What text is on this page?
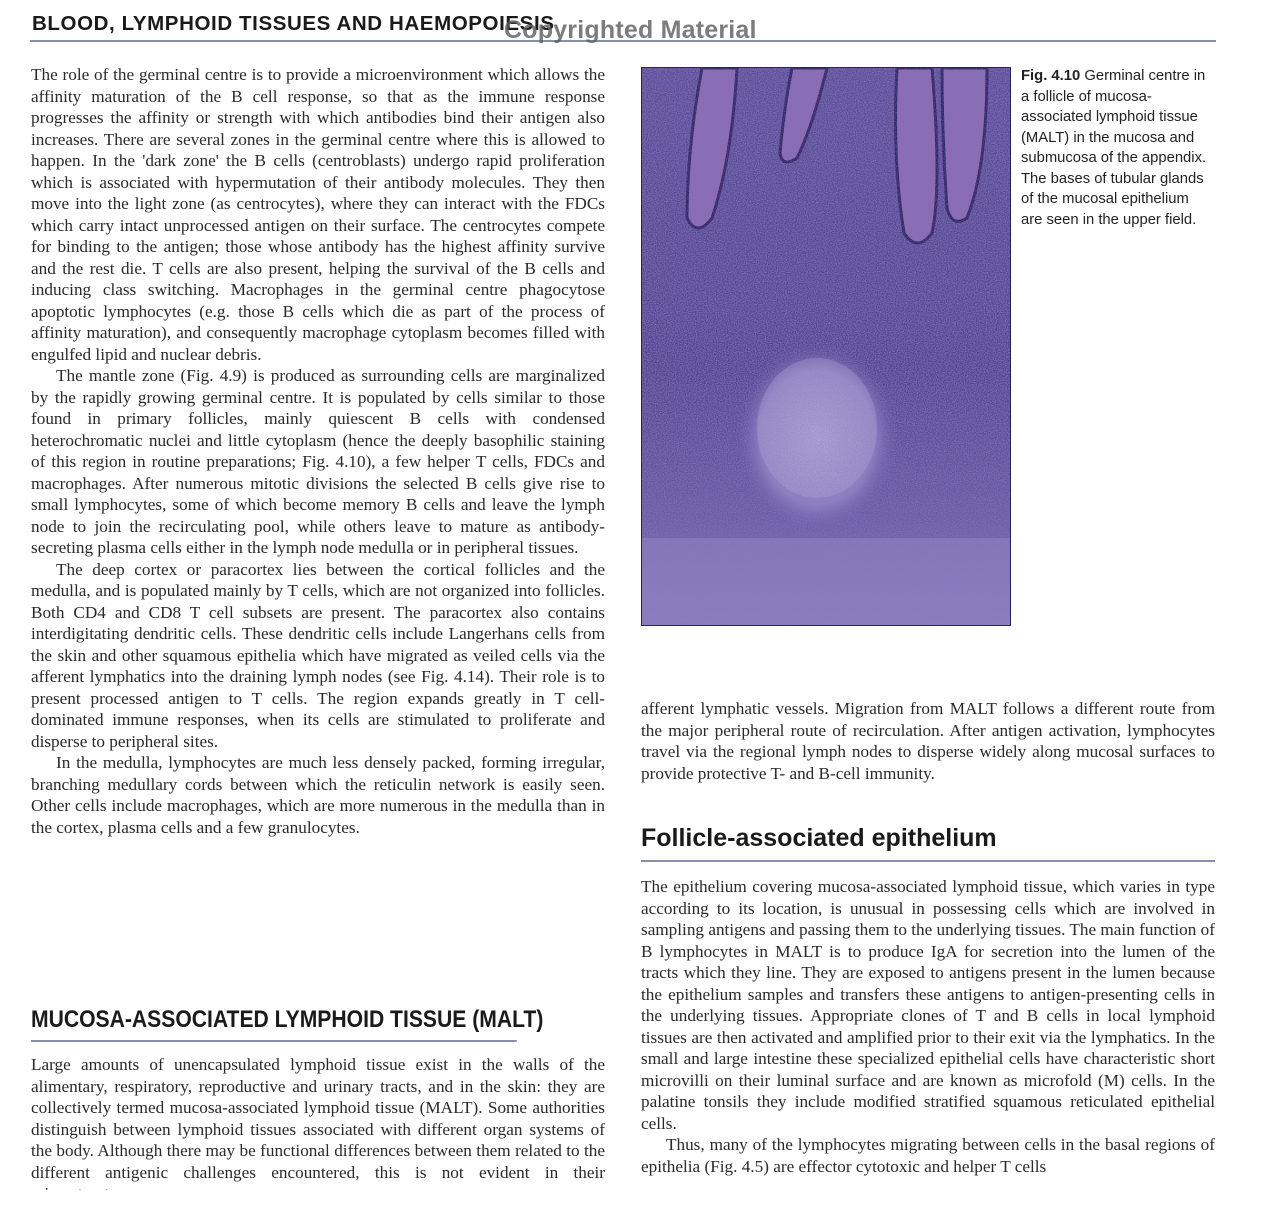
BLOOD, LYMPHOID TISSUES AND HAEMOPOIESIS
Copyrighted Material

The role of the germinal centre is to provide a microenvironment which allows the affinity maturation of the B cell response, so that as the immune response progresses the affinity or strength with which antibodies bind their antigen also increases. There are several zones in the germinal centre where this is allowed to happen. In the 'dark zone' the B cells (centroblasts) undergo rapid proliferation which is associated with hypermutation of their antibody molecules. They then move into the light zone (as centrocytes), where they can interact with the FDCs which carry intact unprocessed antigen on their surface. The centrocytes compete for binding to the antigen; those whose antibody has the highest affinity survive and the rest die. T cells are also present, helping the survival of the B cells and inducing class switching. Macrophages in the germinal centre phagocytose apoptotic lymphocytes (e.g. those B cells which die as part of the process of affinity maturation), and consequently macrophage cytoplasm becomes filled with engulfed lipid and nuclear debris.

The mantle zone (Fig. 4.9) is produced as surrounding cells are marginalized by the rapidly growing germinal centre. It is populated by cells similar to those found in primary follicles, mainly quiescent B cells with condensed heterochromatic nuclei and little cytoplasm (hence the deeply basophilic staining of this region in routine preparations; Fig. 4.10), a few helper T cells, FDCs and macrophages. After numerous mitotic divisions the selected B cells give rise to small lymphocytes, some of which become memory B cells and leave the lymph node to join the recirculating pool, while others leave to mature as antibody-secreting plasma cells either in the lymph node medulla or in peripheral tissues.

The deep cortex or paracortex lies between the cortical follicles and the medulla, and is populated mainly by T cells, which are not organized into follicles. Both CD4 and CD8 T cell subsets are present. The paracortex also contains interdigitating dendritic cells. These dendritic cells include Langerhans cells from the skin and other squamous epithelia which have migrated as veiled cells via the afferent lymphatics into the draining lymph nodes (see Fig. 4.14). Their role is to present processed antigen to T cells. The region expands greatly in T cell-dominated immune responses, when its cells are stimulated to proliferate and disperse to peripheral sites.

In the medulla, lymphocytes are much less densely packed, forming irregular, branching medullary cords between which the reticulin network is easily seen. Other cells include macrophages, which are more numerous in the medulla than in the cortex, plasma cells and a few granulocytes.

MUCOSA-ASSOCIATED LYMPHOID TISSUE (MALT)

Large amounts of unencapsulated lymphoid tissue exist in the walls of the alimentary, respiratory, reproductive and urinary tracts, and in the skin: they are collectively termed mucosa-associated lymphoid tissue (MALT). Some authorities distinguish between lymphoid tissues associated with different organ systems of the body. Although there may be functional differences between them related to the different antigenic challenges encountered, this is not evident in their

Fig. 4.10 Germinal centre in a follicle of mucosa-associated lymphoid tissue (MALT) in the mucosa and submucosa of the appendix. The bases of tubular glands of the mucosal epithelium are seen in the upper field.

afferent lymphatic vessels. Migration from MALT follows a different route from the major peripheral route of recirculation. After antigen activation, lymphocytes travel via the regional lymph nodes to disperse widely along mucosal surfaces to provide protective T- and B-cell immunity.

Follicle-associated epithelium

The epithelium covering mucosa-associated lymphoid tissue, which varies in type according to its location, is unusual in possessing cells which are involved in sampling antigens and passing them to the underlying tissues. The main function of B lymphocytes in MALT is to produce IgA for secretion into the lumen of the tracts which they line. They are exposed to antigens present in the lumen because the epithelium samples and transfers these antigens to antigen-presenting cells in the underlying tissues. Appropriate clones of T and B cells in local lymphoid tissues are then activated and amplified prior to their exit via the lymphatics. In the small and large intestine these specialized epithelial cells have characteristic short microvilli on their luminal surface and are known as microfold (M) cells. In the palatine tonsils they include modified stratified squamous reticulated epithelial cells.

Thus, many of the lymphocytes migrating between cells in the basal regions of epithelia (Fig. 4.5) are effector cytotoxic and helper T cells
